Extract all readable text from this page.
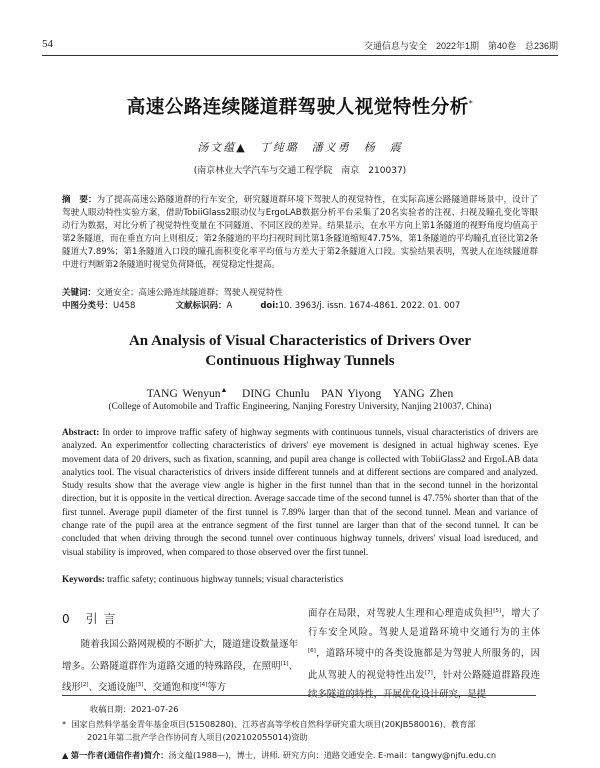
54	交通信息与安全　2022年1期　第40卷　总236期
高速公路连续隧道群驾驶人视觉特性分析*
汤文蕴▲　丁纯璐　潘义勇　杨　震
(南京林业大学汽车与交通工程学院　南京　210037)
摘　要：为了提高高速公路隧道群的行车安全，研究隧道群环境下驾驶人的视觉特性，在实际高速公路隧道群场景中，设计了驾驶人眼动特性实验方案，借助TobiiGlass2眼动仪与ErgoLAB数据分析平台采集了20名实验者的注视、扫视及瞳孔变化等眼动行为数据，对比分析了视觉特性变量在不同隧道、不同区段的差异。结果显示，在水平方向上第1条隧道的视野角度均值高于第2条隧道，而在垂直方向上则相反；第2条隧道的平均扫视时间比第1条隧道缩短47.75%，第1条隧道的平均瞳孔直径比第2条隧道大7.89%；第1条隧道入口段的瞳孔面积变化率平均值与方差大于第2条隧道入口段。实验结果表明，驾驶人在连续隧道群中进行判断第2条隧道时视觉负荷降低，视觉稳定性提高。
关键词：交通安全；高速公路连续隧道群；驾驶人视觉特性
中图分类号：U458	文献标识码：A	doi:10. 3963/j. issn. 1674-4861. 2022. 01. 007
An Analysis of Visual Characteristics of Drivers Over
Continuous Highway Tunnels
TANG Wenyun▲ DING Chunlu　PAN Yiyong　YANG Zhen
(College of Automobile and Traffic Engineering, Nanjing Forestry University, Nanjing 210037, China)
Abstract: In order to improve traffic safety of highway segments with continuous tunnels, visual characteristics of drivers are analyzed. An experimentfor collecting characteristics of drivers' eye movement is designed in actual highway scenes. Eye movement data of 20 drivers, such as fixation, scanning, and pupil area change is collected with TobiiGlass2 and ErgoLAB data analytics tool. The visual characteristics of drivers inside different tunnels and at different sections are compared and analyzed. Study results show that the average view angle is higher in the first tunnel than that in the second tunnel in the horizontal direction, but it is opposite in the vertical direction. Average saccade time of the second tunnel is 47.75% shorter than that of the first tunnel. Average pupil diameter of the first tunnel is 7.89% larger than that of the second tunnel. Mean and variance of change rate of the pupil area at the entrance segment of the first tunnel are larger than that of the second tunnel. It can be concluded that when driving through the second tunnel over continuous highway tunnels, drivers' visual load isreduced, and visual stability is improved, when compared to those observed over the first tunnel.
Keywords: traffic safety; continuous highway tunnels; visual characteristics
0 引言
随着我国公路网规模的不断扩大，隧道建设数量逐年增多。公路隧道群作为道路交通的特殊路段，在照明[1]、线形[2]、交通设施[3]、交通饱和度[4]等方
面存在局限，对驾驶人生理和心理造成负担[5]，增大了行车安全风险。驾驶人是道路环境中交通行为的主体[6]，道路环境中的各类设施都是为驾驶人所服务的，因此从驾驶人的视觉特性出发[7]，针对公路隧道群路段连
收稿日期：2021-07-26
* 国家自然科学基金青年基金项目(51508280)、江苏省高等学校自然科学研究重大项目(20KJB580016)、教育部
2021年第二批产学合作协同育人项目(202102055014)资助
▲ 第一作者(通信作者)简介：汤文蕴(1988—)，博士，讲师. 研究方向：道路交通安全. E-mail：tangwy@njfu.edu.cn
